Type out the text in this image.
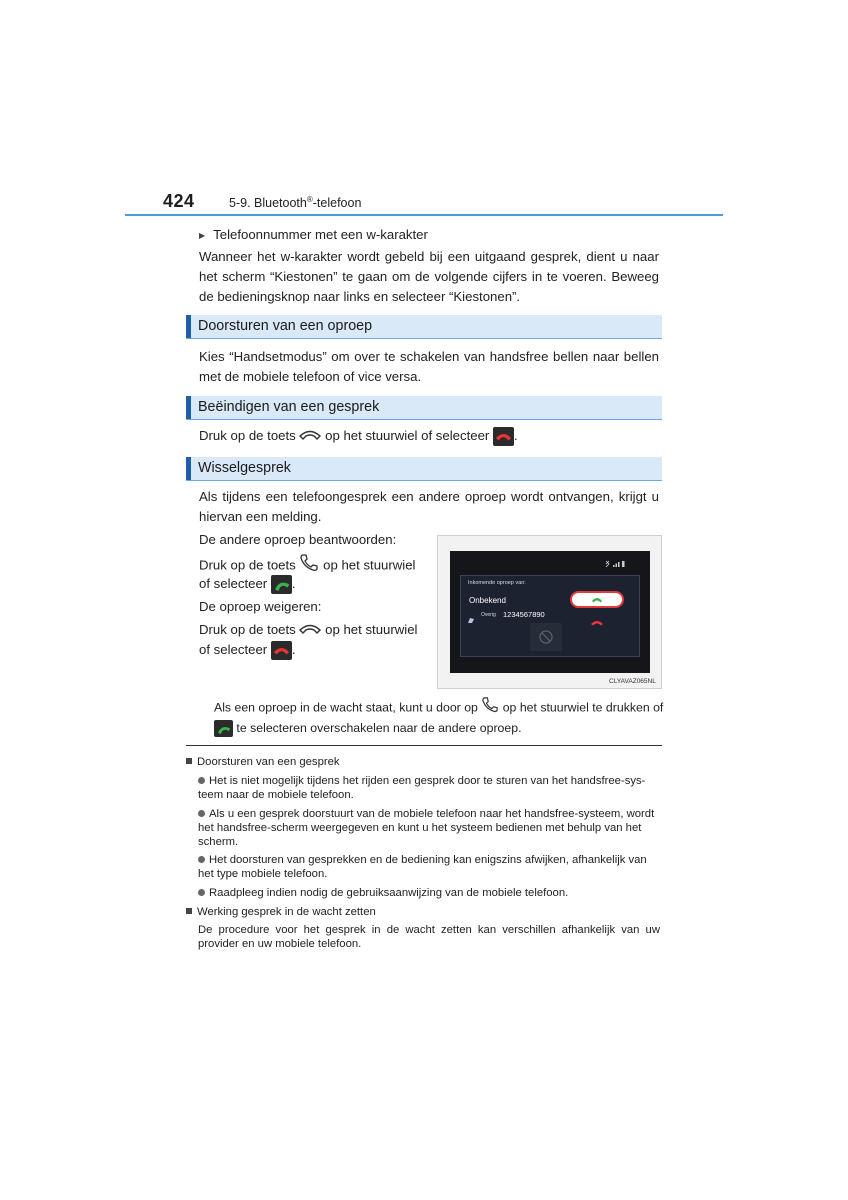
424	5-9. Bluetooth®-telefoon
▶ Telefoonnummer met een w-karakter
Wanneer het w-karakter wordt gebeld bij een uitgaand gesprek, dient u naar het scherm “Kiestonen” te gaan om de volgende cijfers in te voeren. Beweeg de bedieningsknop naar links en selecteer “Kiestonen”.
Doorsturen van een oproep
Kies “Handsetmodus” om over te schakelen van handsfree bellen naar bellen met de mobiele telefoon of vice versa.
Beëindigen van een gesprek
Druk op de toets op het stuurwiel of selecteer .
Wisselgesprek
Als tijdens een telefoongesprek een andere oproep wordt ontvangen, krijgt u hiervan een melding.
De andere oproep beantwoorden:
Druk op de toets op het stuurwiel
of selecteer .
De oproep weigeren:
Druk op de toets op het stuurwiel
of selecteer .
Inkomende oproep van:
Onbekend
Overig 1234567890
CLYAVAZ065NL
Als een oproep in de wacht staat, kunt u door op op het stuurwiel te drukken of
te selecteren overschakelen naar de andere oproep.
Doorsturen van een gesprek
Het is niet mogelijk tijdens het rijden een gesprek door te sturen van het handsfree-sys-teem naar de mobiele telefoon.
Als u een gesprek doorstuurt van de mobiele telefoon naar het handsfree-systeem, wordt het handsfree-scherm weergegeven en kunt u het systeem bedienen met behulp van het scherm.
Het doorsturen van gesprekken en de bediening kan enigszins afwijken, afhankelijk van het type mobiele telefoon.
Raadpleeg indien nodig de gebruiksaanwijzing van de mobiele telefoon.
Werking gesprek in de wacht zetten
De procedure voor het gesprek in de wacht zetten kan verschillen afhankelijk van uw provider en uw mobiele telefoon.
